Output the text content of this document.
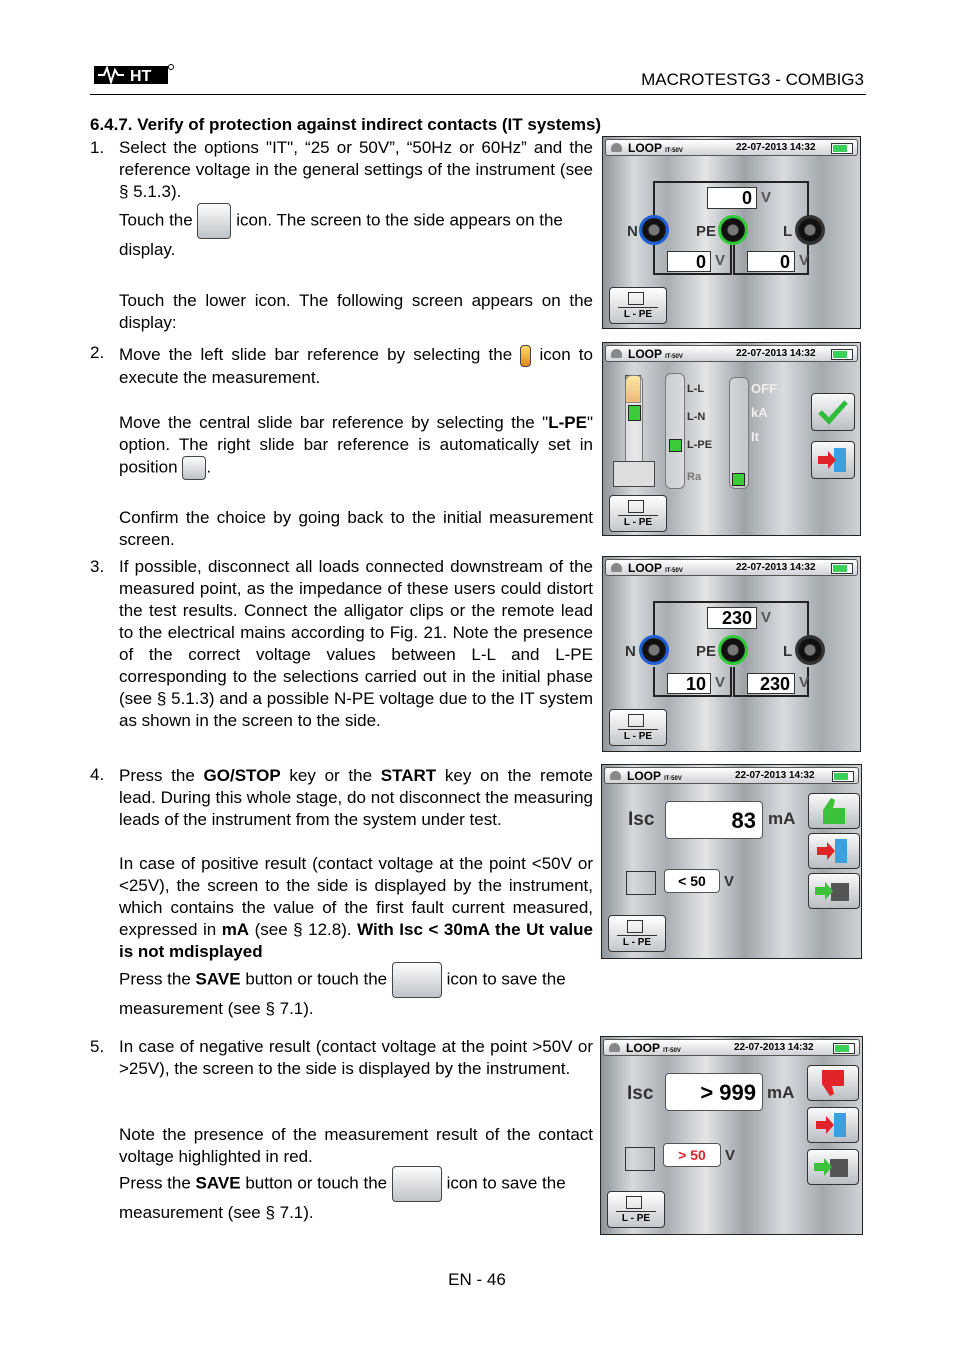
HT	MACROTESTG3 - COMBIG3
6.4.7. Verify of protection against indirect contacts (IT systems)
1. Select the options "IT", “25 or 50V”, “50Hz or 60Hz” and the reference voltage in the general settings of the instrument (see § 5.1.3).
Touch the	icon. The screen to the side appears on the display.
Touch the lower icon. The following screen appears on the display:
LOOP IT-50V	22-07-2013 14:32
0 V
N	PE	L
0 V	0 V
L - PE
2. Move the left slide bar reference by selecting the icon to execute the measurement.
Move the central slide bar reference by selecting the "L-PE" option. The right slide bar reference is automatically set in position .
Confirm the choice by going back to the initial measurement screen.
LOOP IT-50V	22-07-2013 14:32
L-L
L-N
L-PE
Ra
OFF
kA
It
L - PE
3. If possible, disconnect all loads connected downstream of the measured point, as the impedance of these users could distort the test results. Connect the alligator clips or the remote lead to the electrical mains according to Fig. 21. Note the presence of the correct voltage values between L-L and L-PE corresponding to the selections carried out in the initial phase (see § 5.1.3) and a possible N-PE voltage due to the IT system as shown in the screen to the side.
LOOP IT-50V	22-07-2013 14:32
230 V
N	PE	L
10 V	230 V
L - PE
4. Press the GO/STOP key or the START key on the remote lead. During this whole stage, do not disconnect the measuring leads of the instrument from the system under test.
In case of positive result (contact voltage at the point <50V or <25V), the screen to the side is displayed by the instrument, which contains the value of the first fault current measured, expressed in mA (see § 12.8). With Isc < 30mA the Ut value is not mdisplayed
Press the SAVE button or touch the	icon to save the measurement (see § 7.1).
LOOP IT-50V	22-07-2013 14:32
Isc	83 mA
< 50	V
L - PE
5. In case of negative result (contact voltage at the point >50V or >25V), the screen to the side is displayed by the instrument.
Note the presence of the measurement result of the contact voltage highlighted in red.
Press the SAVE button or touch the	icon to save the measurement (see § 7.1).
LOOP IT-50V	22-07-2013 14:32
Isc	> 999 mA
> 50	V
L - PE
EN - 46
